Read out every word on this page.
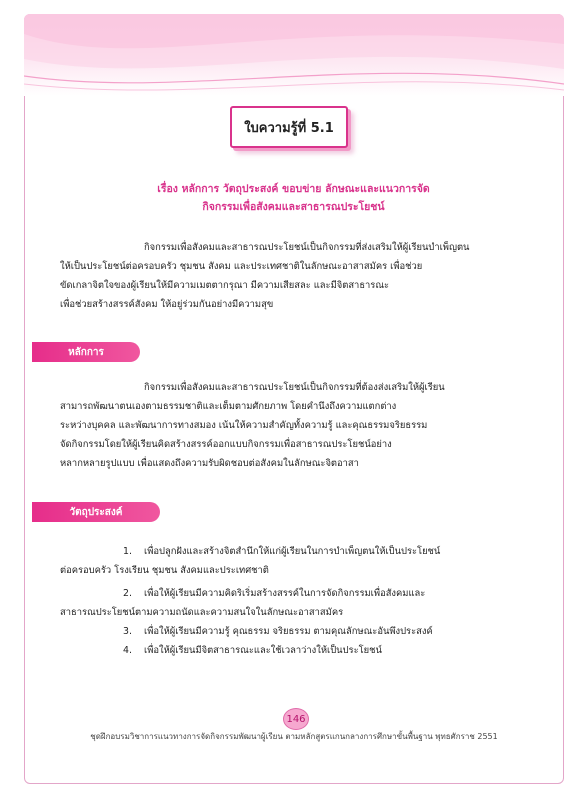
ใบความรู้ที่ 5.1
เรื่อง หลักการ วัตถุประสงค์ ขอบข่าย ลักษณะและแนวการจัด
กิจกรรมเพื่อสังคมและสาธารณประโยชน์
กิจกรรมเพื่อสังคมและสาธารณประโยชน์เป็นกิจกรรมที่ส่งเสริมให้ผู้เรียนบำเพ็ญตน
ให้เป็นประโยชน์ต่อครอบครัว ชุมชน สังคม และประเทศชาติในลักษณะอาสาสมัคร เพื่อช่วย
ขัดเกลาจิตใจของผู้เรียนให้มีความเมตตากรุณา มีความเสียสละ และมีจิตสาธารณะ
เพื่อช่วยสร้างสรรค์สังคม ให้อยู่ร่วมกันอย่างมีความสุข
หลักการ
กิจกรรมเพื่อสังคมและสาธารณประโยชน์เป็นกิจกรรมที่ต้องส่งเสริมให้ผู้เรียน
สามารถพัฒนาตนเองตามธรรมชาติและเต็มตามศักยภาพ โดยคำนึงถึงความแตกต่าง
ระหว่างบุคคล และพัฒนาการทางสมอง เน้นให้ความสำคัญทั้งความรู้ และคุณธรรมจริยธรรม
จัดกิจกรรมโดยให้ผู้เรียนคิดสร้างสรรค์ออกแบบกิจกรรมเพื่อสาธารณประโยชน์อย่าง
หลากหลายรูปแบบ เพื่อแสดงถึงความรับผิดชอบต่อสังคมในลักษณะจิตอาสา
วัตถุประสงค์
1. เพื่อปลูกฝังและสร้างจิตสำนึกให้แก่ผู้เรียนในการบำเพ็ญตนให้เป็นประโยชน์
ต่อครอบครัว โรงเรียน ชุมชน สังคมและประเทศชาติ
2. เพื่อให้ผู้เรียนมีความคิดริเริ่มสร้างสรรค์ในการจัดกิจกรรมเพื่อสังคมและ
สาธารณประโยชน์ตามความถนัดและความสนใจในลักษณะอาสาสมัคร
3. เพื่อให้ผู้เรียนมีความรู้ คุณธรรม จริยธรรม ตามคุณลักษณะอันพึงประสงค์
4. เพื่อให้ผู้เรียนมีจิตสาธารณะและใช้เวลาว่างให้เป็นประโยชน์
146
ชุดฝึกอบรมวิชาการแนวทางการจัดกิจกรรมพัฒนาผู้เรียน ตามหลักสูตรแกนกลางการศึกษาขั้นพื้นฐาน พุทธศักราช 2551
